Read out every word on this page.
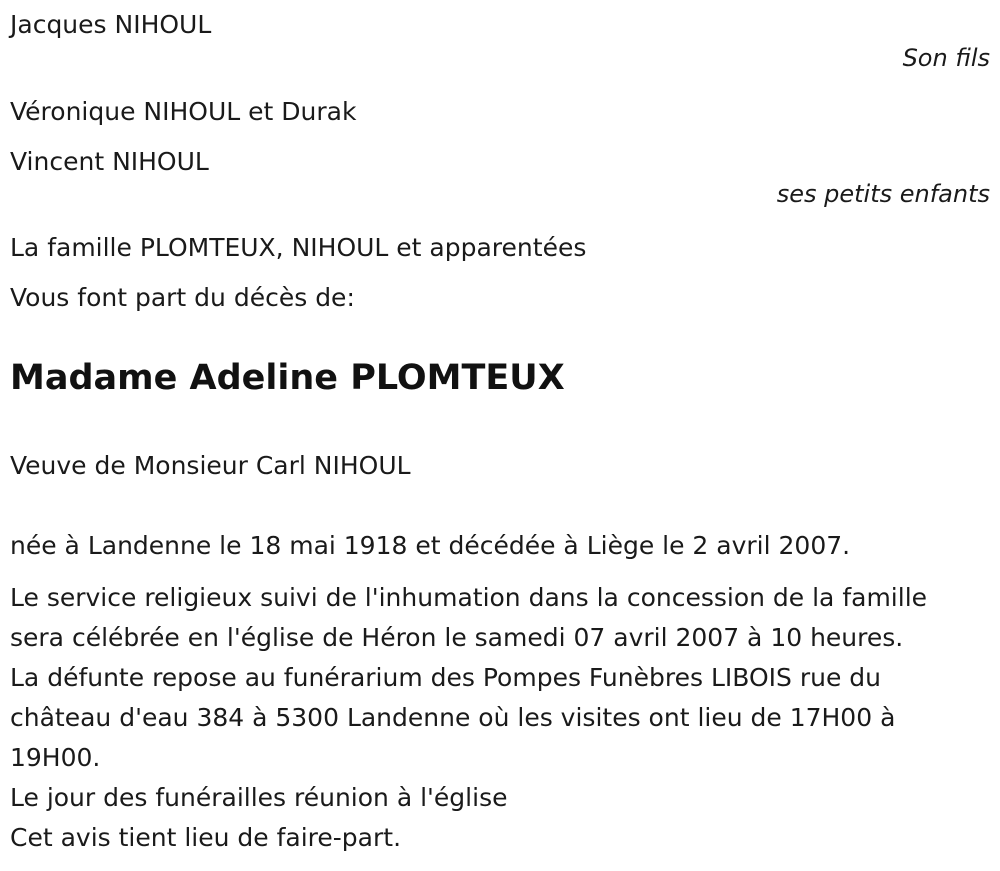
Jacques NIHOUL
Son fils
Véronique NIHOUL et Durak
Vincent NIHOUL
ses petits enfants
La famille PLOMTEUX, NIHOUL et apparentées
Vous font part du décès de:
Madame Adeline PLOMTEUX
Veuve de Monsieur Carl NIHOUL
née à Landenne le 18 mai 1918 et décédée à Liège le 2 avril 2007.
Le service religieux suivi de l'inhumation dans la concession de la famille
sera célébrée en l'église de Héron le samedi 07 avril 2007 à 10 heures.
La défunte repose au funérarium des Pompes Funèbres LIBOIS rue du
château d'eau 384 à 5300 Landenne où les visites ont lieu de 17H00 à
19H00.
Le jour des funérailles réunion à l'église
Cet avis tient lieu de faire-part.
